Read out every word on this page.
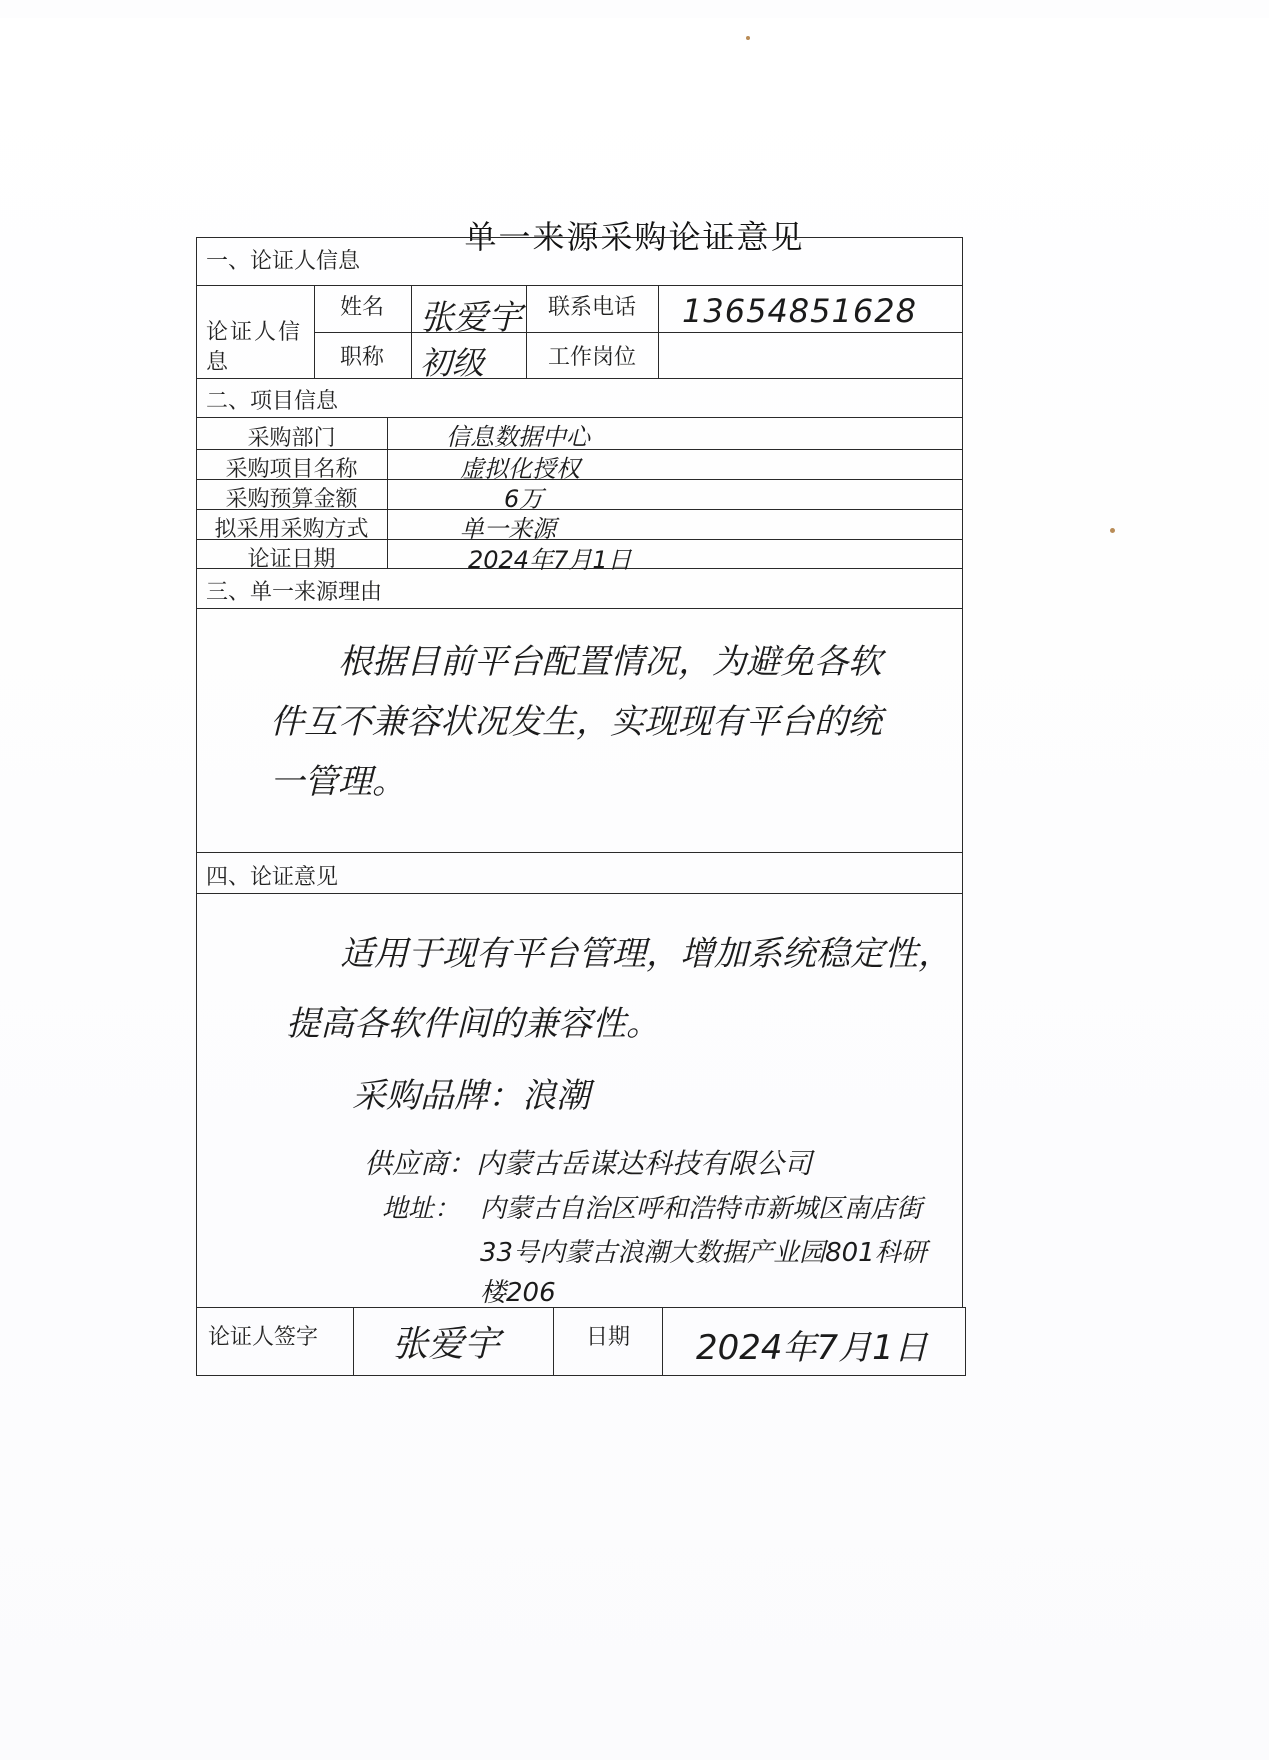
单一来源采购论证意见
一、论证人信息
论证人信息
姓名 张爱宇 联系电话 13654851628
职称 初级	工作岗位
二、项目信息
采购部门	信息数据中心
采购项目名称	虚拟化授权
采购预算金额	6万
拟采用采购方式	单一来源
论证日期	2024年7月1日
三、单一来源理由
根据目前平台配置情况，为避免各软件互不兼容状况发生，实现现有平台的统一管理。
四、论证意见
适用于现有平台管理，增加系统稳定性，
提高各软件间的兼容性。
采购品牌：浪潮
供应商：内蒙古岳谋达科技有限公司
地址： 内蒙古自治区呼和浩特市新城区南店街
33号内蒙古浪潮大数据产业园801科研
楼206
论证人签字 张爱宇	日期 2024年7月1日
